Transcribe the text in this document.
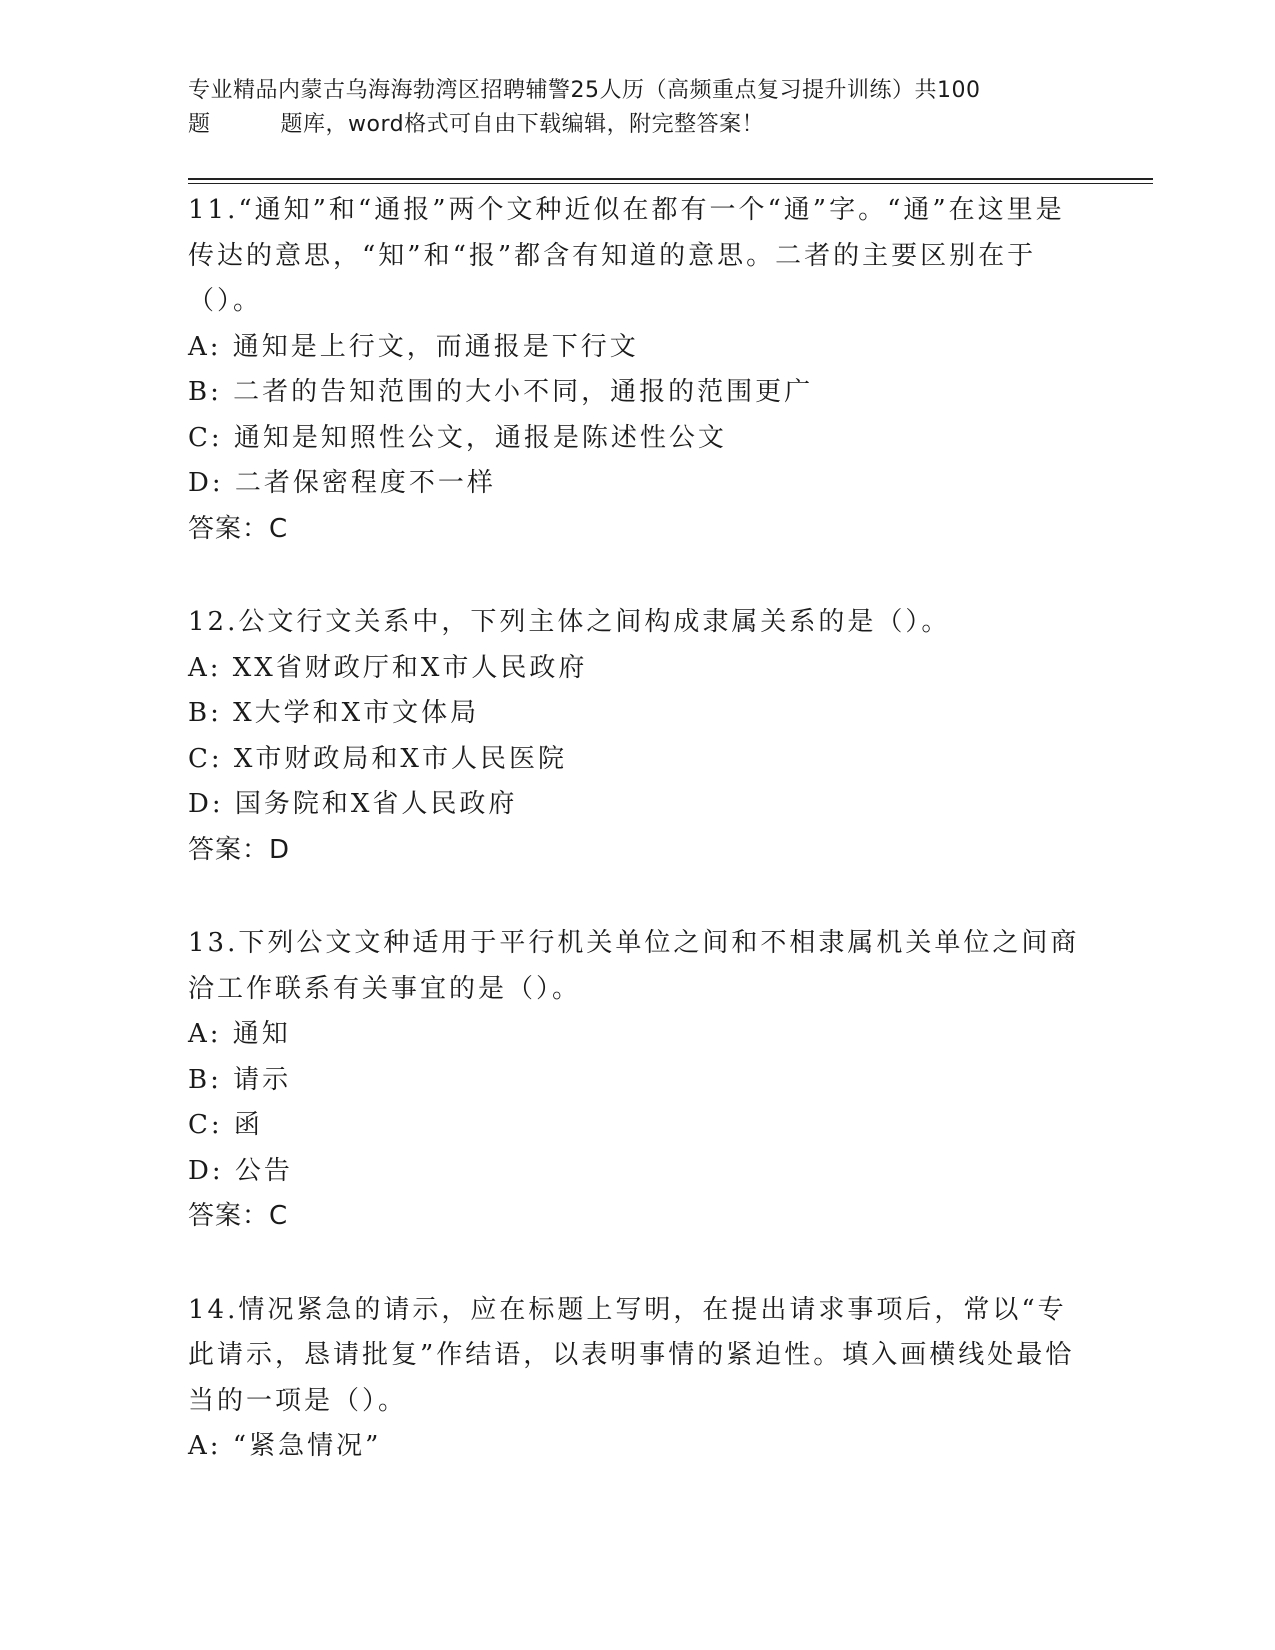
专业精品内蒙古乌海海勃湾区招聘辅警25人历（高频重点复习提升训练）共100
题	题库，word格式可自由下载编辑，附完整答案！
11.“通知”和“通报”两个文种近似在都有一个“通”字。“通”在这里是传达的意思，“知”和“报”都含有知道的意思。二者的主要区别在于（）。
A: 通知是上行文，而通报是下行文
B: 二者的告知范围的大小不同，通报的范围更广
C: 通知是知照性公文，通报是陈述性公文
D: 二者保密程度不一样
答案：C
12.公文行文关系中，下列主体之间构成隶属关系的是（）。
A: XX省财政厅和X市人民政府
B: X大学和X市文体局
C: X市财政局和X市人民医院
D: 国务院和X省人民政府
答案：D
13.下列公文文种适用于平行机关单位之间和不相隶属机关单位之间商洽工作联系有关事宜的是（）。
A: 通知
B: 请示
C: 函
D: 公告
答案：C
14.情况紧急的请示，应在标题上写明，在提出请求事项后，常以“专此请示，恳请批复”作结语，以表明事情的紧迫性。填入画横线处最恰当的一项是（）。
A: “紧急情况”
